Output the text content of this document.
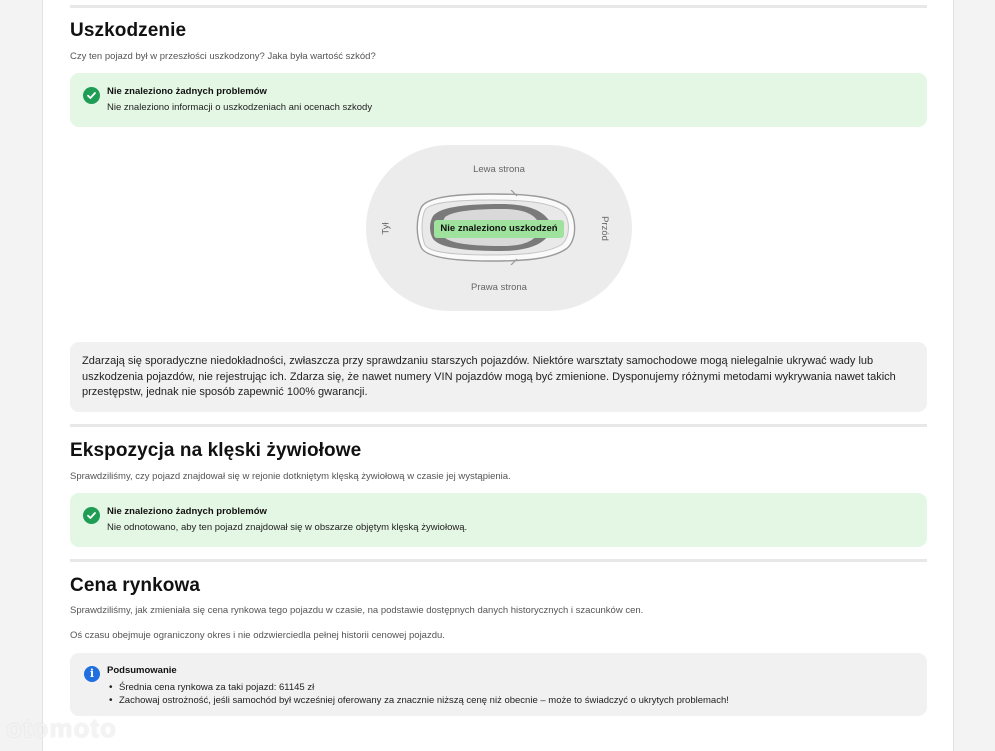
Uszkodzenie
Czy ten pojazd był w przeszłości uszkodzony? Jaka była wartość szkód?
Nie znaleziono żadnych problemów
Nie znaleziono informacji o uszkodzeniach ani ocenach szkody
Lewa strona
Prawa strona
Tył	Przód
Nie znaleziono uszkodzeń
Zdarzają się sporadyczne niedokładności, zwłaszcza przy sprawdzaniu starszych pojazdów. Niektóre warsztaty samochodowe mogą nielegalnie ukrywać wady lub uszkodzenia pojazdów, nie rejestrując ich. Zdarza się, że nawet numery VIN pojazdów mogą być zmienione. Dysponujemy różnymi metodami wykrywania nawet takich przestępstw, jednak nie sposób zapewnić 100% gwarancji.
Ekspozycja na klęski żywiołowe
Sprawdziliśmy, czy pojazd znajdował się w rejonie dotkniętym klęską żywiołową w czasie jej wystąpienia.
Nie znaleziono żadnych problemów
Nie odnotowano, aby ten pojazd znajdował się w obszarze objętym klęską żywiołową.
Cena rynkowa
Sprawdziliśmy, jak zmieniała się cena rynkowa tego pojazdu w czasie, na podstawie dostępnych danych historycznych i szacunków cen.
Oś czasu obejmuje ograniczony okres i nie odzwierciedla pełnej historii cenowej pojazdu.
i	Podsumowanie
• Średnia cena rynkowa za taki pojazd: 61145 zł
• Zachowaj ostrożność, jeśli samochód był wcześniej oferowany za znacznie niższą cenę niż obecnie – może to świadczyć o ukrytych problemach!
otomoto
